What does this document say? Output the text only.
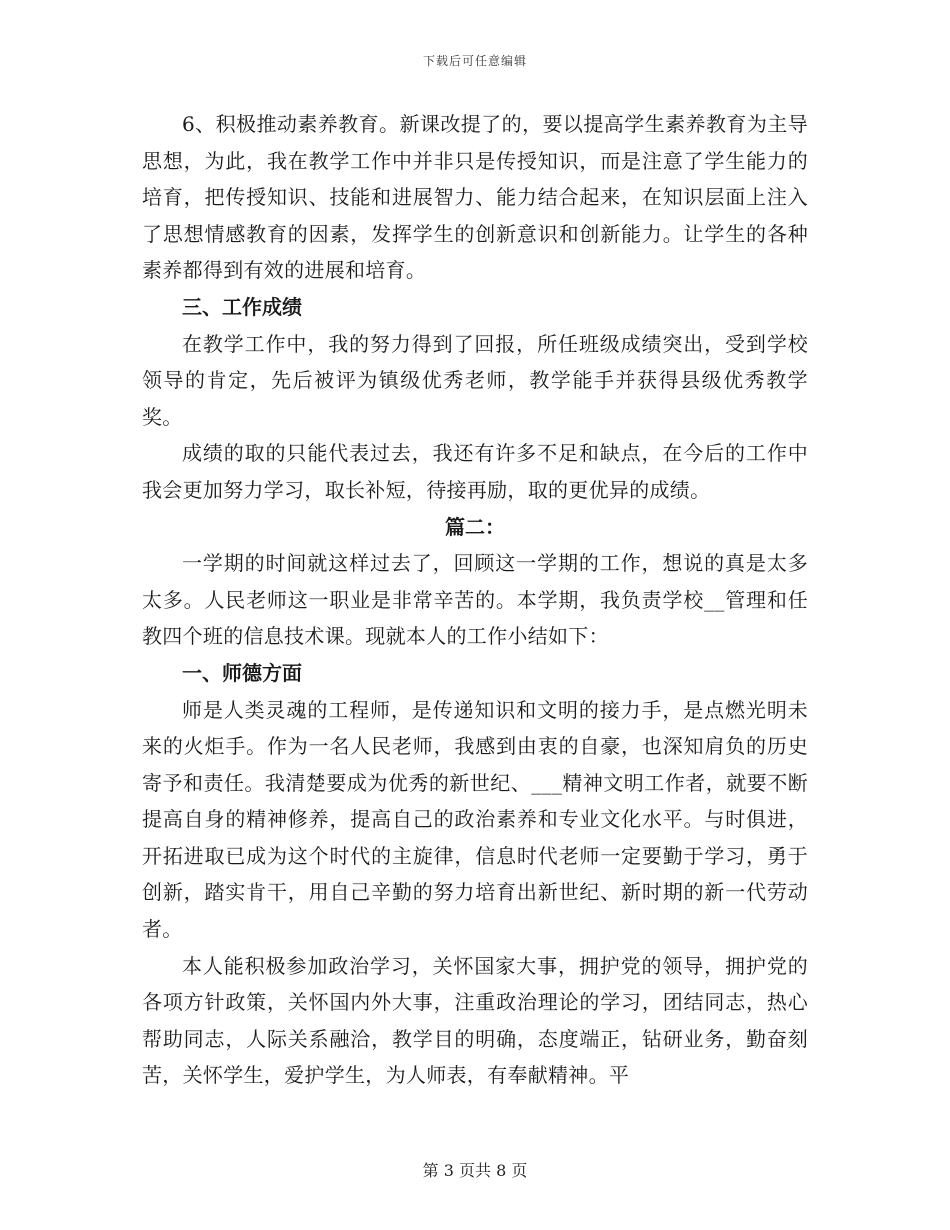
下载后可任意编辑

6、积极推动素养教育。新课改提了的，要以提高学生素养教育为主导思想，为此，我在教学工作中并非只是传授知识，而是注意了学生能力的培育，把传授知识、技能和进展智力、能力结合起来，在知识层面上注入了思想情感教育的因素，发挥学生的创新意识和创新能力。让学生的各种素养都得到有效的进展和培育。

三、工作成绩

在教学工作中，我的努力得到了回报，所任班级成绩突出，受到学校领导的肯定，先后被评为镇级优秀老师，教学能手并获得县级优秀教学奖。

成绩的取的只能代表过去，我还有许多不足和缺点，在今后的工作中我会更加努力学习，取长补短，待接再励，取的更优异的成绩。

篇二：

一学期的时间就这样过去了，回顾这一学期的工作，想说的真是太多太多。人民老师这一职业是非常辛苦的。本学期，我负责学校__管理和任教四个班的信息技术课。现就本人的工作小结如下：

一、师德方面

师是人类灵魂的工程师，是传递知识和文明的接力手，是点燃光明未来的火炬手。作为一名人民老师，我感到由衷的自豪，也深知肩负的历史寄予和责任。我清楚要成为优秀的新世纪、___精神文明工作者，就要不断提高自身的精神修养，提高自己的政治素养和专业文化水平。与时俱进，开拓进取已成为这个时代的主旋律，信息时代老师一定要勤于学习，勇于创新，踏实肯干，用自己辛勤的努力培育出新世纪、新时期的新一代劳动者。

本人能积极参加政治学习，关怀国家大事，拥护党的领导，拥护党的各项方针政策，关怀国内外大事，注重政治理论的学习，团结同志，热心帮助同志，人际关系融洽，教学目的明确，态度端正，钻研业务，勤奋刻苦，关怀学生，爱护学生，为人师表，有奉献精神。平

第 3 页共 8 页
